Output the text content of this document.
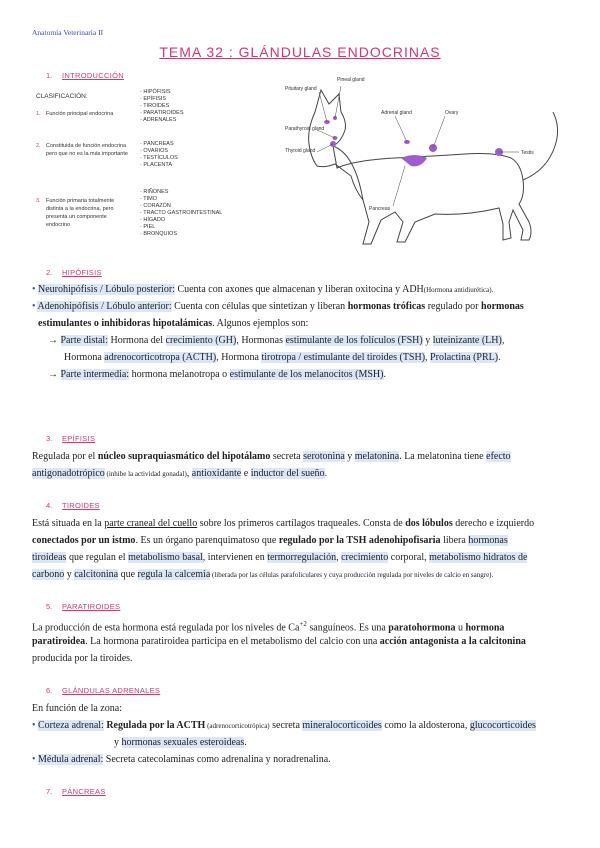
Anatomía Veterinaria II
TEMA 32 : GLÁNDULAS ENDOCRINAS
1. INTRODUCCIÓN
CLASIFICACIÓN:
1. Función principal endocrina
- HIPÓFISIS
- EPÍFISIS
- TIROIDES
- PARATIROIDES
- ADRENALES
2. Constituida de función endocrina pero que no es la más importante
- PÁNCREAS
- OVARIOS
- TESTÍCULOS
- PLACENTA
3. Función primaria totalmente distinta a la endocrina, pero presenta un componente endocrino
- RIÑONES
- TIMO
- CORAZÓN
- TRACTO GASTROINTESTINAL
- HÍGADO
- PIEL
- BRONQUIOS
Pineal gland
Pituitary gland
Parathyroid gland
Thyroid gland
Adrenal gland	Ovary
Testis
Pancreas
2. HIPÓFISIS
• Neurohipófisis / Lóbulo posterior: Cuenta con axones que almacenan y liberan oxitocina y ADH(Hormona antidiurética).
• Adenohipófisis / Lóbulo anterior: Cuenta con células que sintetizan y liberan hormonas tróficas regulado por hormonas
estimulantes o inhibidoras hipotalámicas. Algunos ejemplos son:
→ Parte distal: Hormona del crecimiento (GH), Hormonas estimulante de los folículos (FSH) y luteinizante (LH),
Hormona adrenocorticotropa (ACTH), Hormona tirotropa / estimulante del tiroides (TSH), Prolactina (PRL).
→ Parte intermedia: hormona melanotropa o estimulante de los melanocitos (MSH).
3. EPÍFISIS
Regulada por el núcleo supraquiasmático del hipotálamo secreta serotonina y melatonina. La melatonina tiene efecto
antigonadotrópico (inhibe la actividad gonadal), antioxidante e inductor del sueño.
4. TIROIDES
Está situada en la parte craneal del cuello sobre los primeros cartílagos traqueales. Consta de dos lóbulos derecho e izquierdo
conectados por un istmo. Es un órgano parenquimatoso que regulado por la TSH adenohipofisaria libera hormonas
tiroideas que regulan el metabolismo basal, intervienen en termorregulación, crecimiento corporal, metabolismo hidratos de
carbono y calcitonina que regula la calcemia (liberada por las células parafoliculares y cuya producción regulada por niveles de calcio en sangre).
5. PARATIROIDES
La producción de esta hormona está regulada por los niveles de $Ca^{+2}$ sanguíneos. Es una paratohormona u hormona
paratiroidea. La hormona paratiroidea participa en el metabolismo del calcio con una acción antagonista a la calcitonina
producida por la tiroides.
6. GLÁNDULAS ADRENALES
En función de la zona:
• Corteza adrenal: Regulada por la ACTH (adrenocorticotrópica) secreta mineralocorticoides como la aldosterona, glucocorticoides
y hormonas sexuales esteroideas.
• Médula adrenal: Secreta catecolaminas como adrenalina y noradrenalina.
7. PÁNCREAS
